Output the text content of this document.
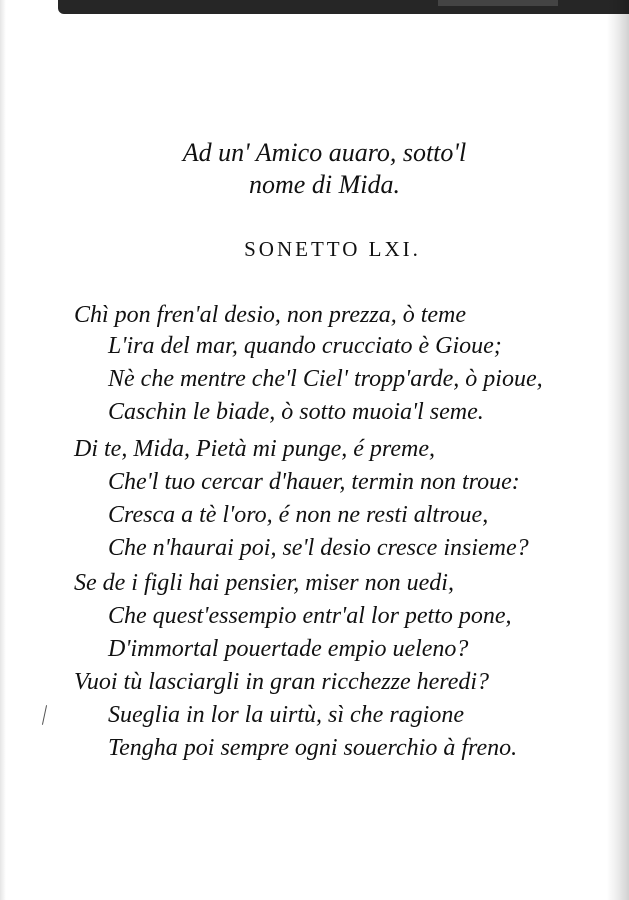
Ad un' Amico auaro, sotto'l

nome di Mida.

SONETTO LXI.

Chì pon fren'al desio, non prezza, ò teme
L'ira del mar, quando crucciato è Gioue;
Nè che mentre che'l Ciel' tropp'arde, ò pioue,
Caschin le biade, ò sotto muoia'l seme.
Di te, Mida, Pietà mi punge, é preme,
Che'l tuo cercar d'hauer, termin non troue:
Cresca a tè l'oro, é non ne resti altroue,
Che n'haurai poi, se'l desio cresce insieme?
Se de i figli hai pensier, miser non uedi,
Che quest'essempio entr'al lor petto pone,
D'immortal pouertade empio ueleno?
Vuoi tù lasciargli in gran ricchezze heredi?
Sueglia in lor la uirtù, sì che ragione
Tengha poi sempre ogni souerchio à freno.
